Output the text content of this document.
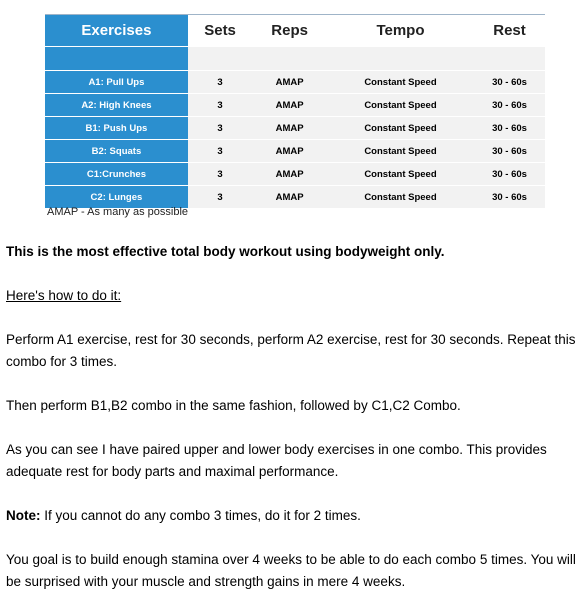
Exercises	Sets	Reps	Tempo	Rest

A1: Pull Ups	3	AMAP	Constant Speed	30 - 60s
A2: High Knees	3	AMAP	Constant Speed	30 - 60s
B1: Push Ups	3	AMAP	Constant Speed	30 - 60s
B2: Squats	3	AMAP	Constant Speed	30 - 60s
C1:Crunches	3	AMAP	Constant Speed	30 - 60s
C2: Lunges	3	AMAP	Constant Speed	30 - 60s
AMAP - As many as possible

This is the most effective total body workout using bodyweight only.

Here's how to do it:

Perform A1 exercise, rest for 30 seconds, perform A2 exercise, rest for 30 seconds. Repeat this combo for 3 times.

Then perform B1,B2 combo in the same fashion, followed by C1,C2 Combo.

As you can see I have paired upper and lower body exercises in one combo. This provides adequate rest for body parts and maximal performance.

Note: If you cannot do any combo 3 times, do it for 2 times.

You goal is to build enough stamina over 4 weeks to be able to do each combo 5 times. You will be surprised with your muscle and strength gains in mere 4 weeks.
